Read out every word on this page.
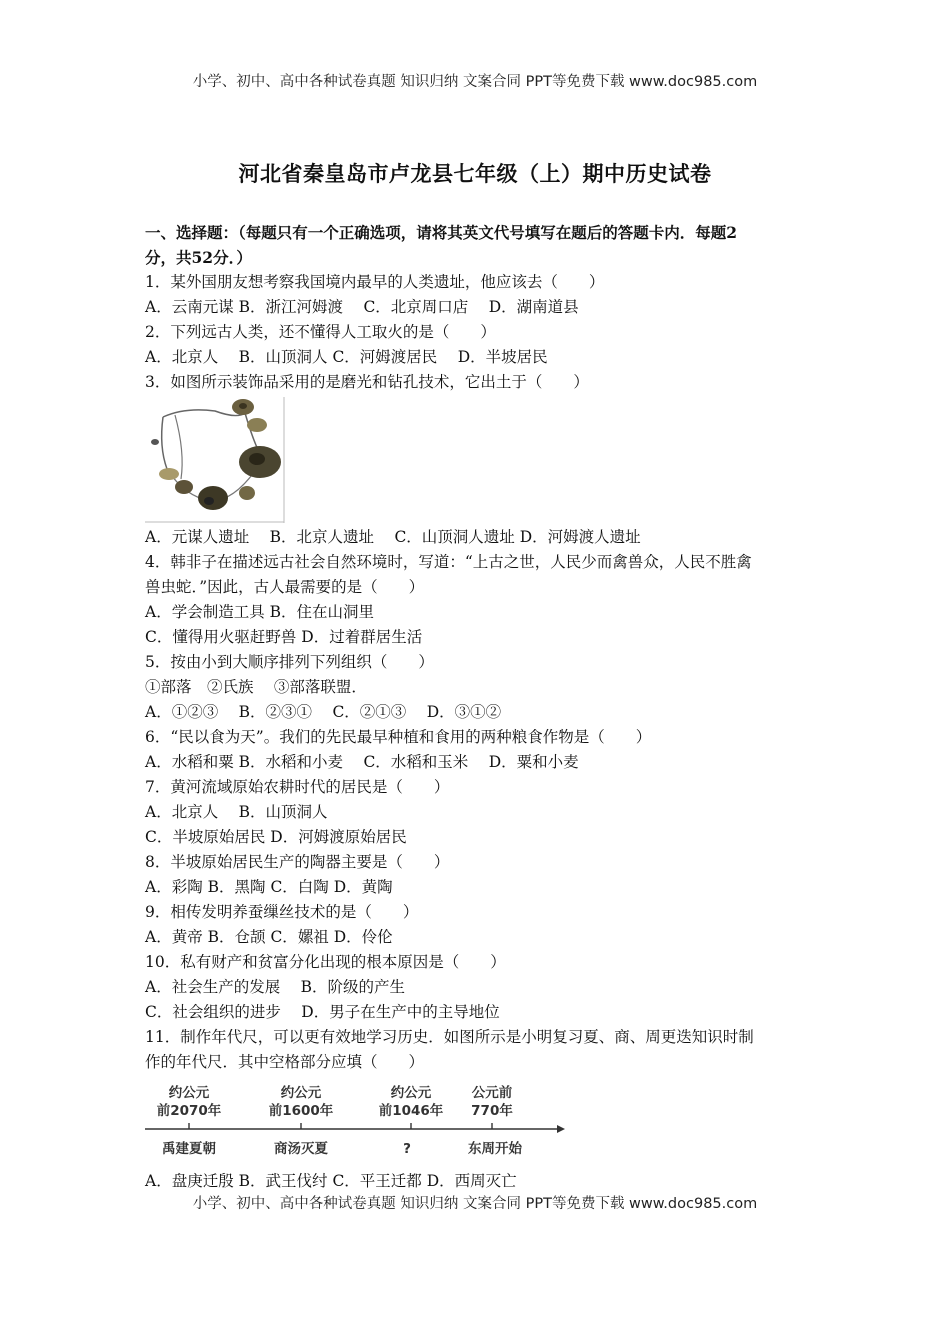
小学、初中、高中各种试卷真题 知识归纳 文案合同 PPT等免费下载 www.doc985.com
河北省秦皇岛市卢龙县七年级（上）期中历史试卷
一、选择题：（每题只有一个正确选项，请将其英文代号填写在题后的答题卡内．每题2
分，共52分．）
1．某外国朋友想考察我国境内最早的人类遗址，他应该去（　　）
A．云南元谋 B．浙江河姆渡　 C．北京周口店　 D．湖南道县
2．下列远古人类，还不懂得人工取火的是（　　）
A．北京人　 B．山顶洞人 C．河姆渡居民　 D．半坡居民
3．如图所示装饰品采用的是磨光和钻孔技术，它出土于（　　）
A．元谋人遗址　 B．北京人遗址　 C．山顶洞人遗址 D．河姆渡人遗址
4．韩非子在描述远古社会自然环境时，写道：“上古之世，人民少而禽兽众，人民不胜禽
兽虫蛇．”因此，古人最需要的是（　　）
A．学会制造工具 B．住在山洞里
C．懂得用火驱赶野兽 D．过着群居生活
5．按由小到大顺序排列下列组织（　　）
①部落　②氏族　 ③部落联盟．
A．①②③　 B．②③①　 C．②①③　 D．③①②
6．“民以食为天”。我们的先民最早种植和食用的两种粮食作物是（　　）
A．水稻和粟 B．水稻和小麦　 C．水稻和玉米　 D．粟和小麦
7．黄河流域原始农耕时代的居民是（　　）
A．北京人　 B．山顶洞人
C．半坡原始居民 D．河姆渡原始居民
8．半坡原始居民生产的陶器主要是（　　）
A．彩陶 B．黑陶 C．白陶 D．黄陶
9．相传发明养蚕缫丝技术的是（　　）
A．黄帝 B．仓颉 C．嫘祖 D．伶伦
10．私有财产和贫富分化出现的根本原因是（　　）
A．社会生产的发展　 B．阶级的产生
C．社会组织的进步　 D．男子在生产中的主导地位
11．制作年代尺，可以更有效地学习历史．如图所示是小明复习夏、商、周更迭知识时制
作的年代尺．其中空格部分应填（　　）
约公元
前2070年
约公元
前1600年
约公元
前1046年
公元前
770年
禹建夏朝	商汤灭夏	?	东周开始
A．盘庚迁殷 B．武王伐纣 C．平王迁都 D．西周灭亡
小学、初中、高中各种试卷真题 知识归纳 文案合同 PPT等免费下载 www.doc985.com
